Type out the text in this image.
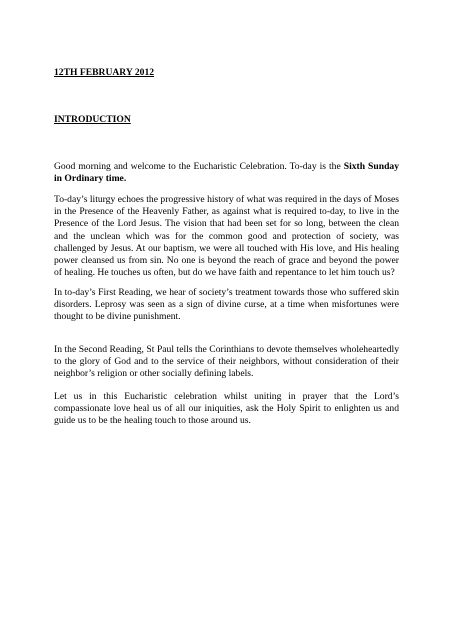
12TH FEBRUARY 2012

INTRODUCTION

Good morning and welcome to the Eucharistic Celebration. To-day is the Sixth Sunday in Ordinary time.

To-day’s liturgy echoes the progressive history of what was required in the days of Moses in the Presence of the Heavenly Father, as against what is required to-day, to live in the Presence of the Lord Jesus. The vision that had been set for so long, between the clean and the unclean which was for the common good and protection of society, was challenged by Jesus. At our baptism, we were all touched with His love, and His healing power cleansed us from sin. No one is beyond the reach of grace and beyond the power of healing. He touches us often, but do we have faith and repentance to let him touch us?

In to-day’s First Reading, we hear of society’s treatment towards those who suffered skin disorders. Leprosy was seen as a sign of divine curse, at a time when misfortunes were thought to be divine punishment.

In the Second Reading, St Paul tells the Corinthians to devote themselves wholeheartedly to the glory of God and to the service of their neighbors, without consideration of their neighbor’s religion or other socially defining labels.

Let us in this Eucharistic celebration whilst uniting in prayer that the Lord’s compassionate love heal us of all our iniquities, ask the Holy Spirit to enlighten us and guide us to be the healing touch to those around us.
